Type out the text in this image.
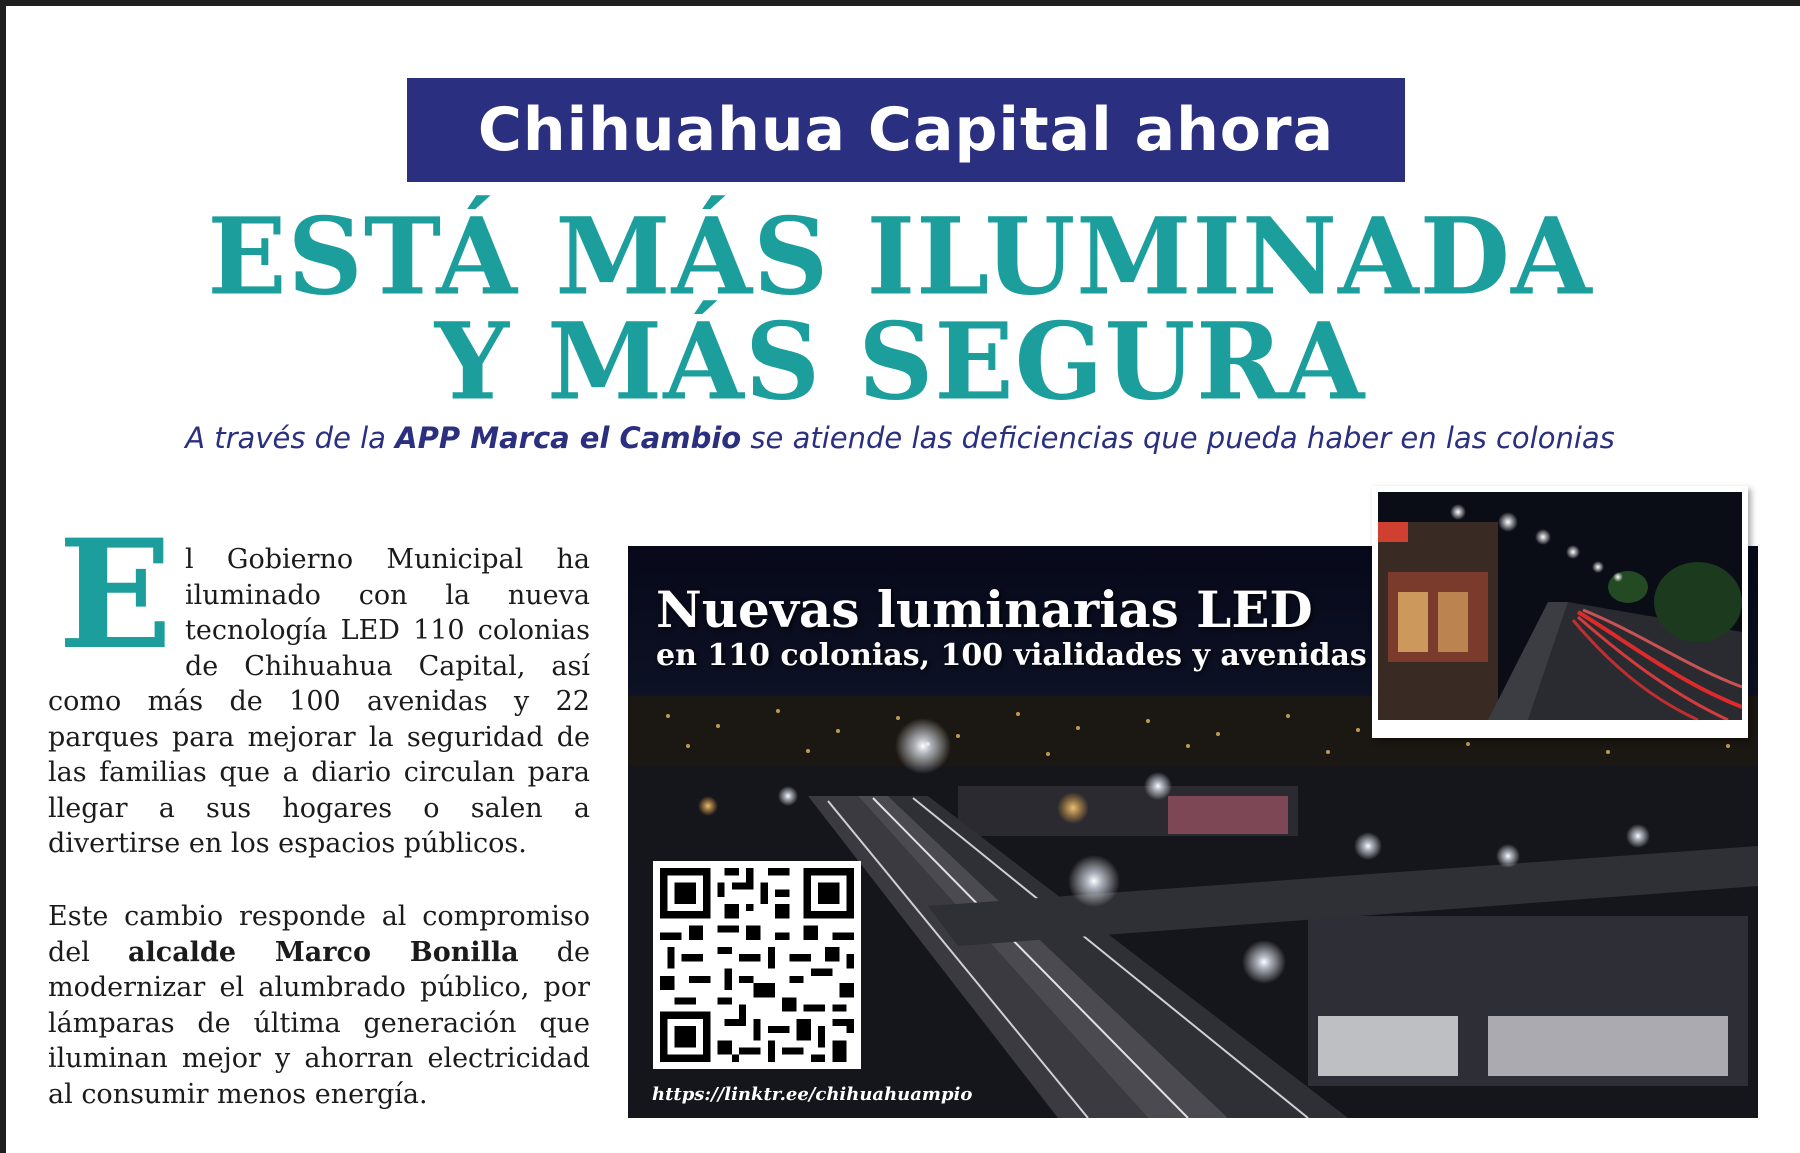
Chihuahua Capital ahora
ESTÁ MÁS ILUMINADA
Y MÁS SEGURA
A través de la APP Marca el Cambio se atiende las deficiencias que pueda haber en las colonias
E l Gobierno Municipal ha
iluminado con la nueva
tecnología LED 110 colonias
de Chihuahua Capital, así
como más de 100 avenidas y 22
parques para mejorar la seguridad de
las familias que a diario circulan para
llegar a sus hogares o salen a
divertirse en los espacios públicos.
Este cambio responde al compromiso
del alcalde Marco Bonilla de
modernizar el alumbrado público, por
lámparas de última generación que
iluminan mejor y ahorran electricidad
al consumir menos energía.
Nuevas luminarias LED
en 110 colonias, 100 vialidades y avenidas
https://linktr.ee/chihuahuampio
